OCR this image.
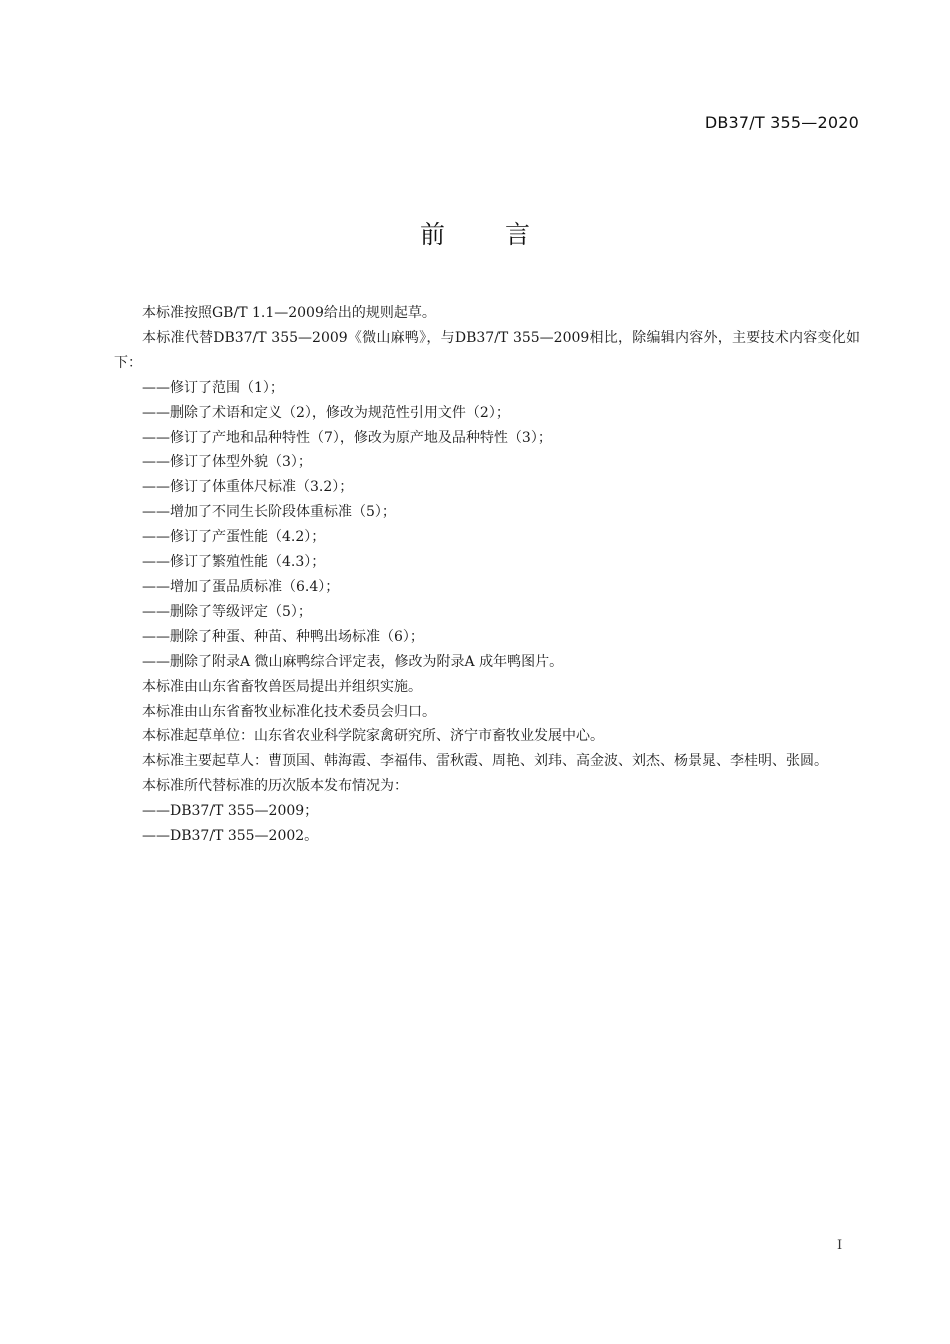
DB37/T 355—2020
前 言

本标准按照GB/T 1.1—2009给出的规则起草。

本标准代替DB37/T 355—2009《微山麻鸭》，与DB37/T 355—2009相比，除编辑内容外，主要技术内容变化如下：

——修订了范围（1）；

——删除了术语和定义（2），修改为规范性引用文件（2）；

——修订了产地和品种特性（7），修改为原产地及品种特性（3）；

——修订了体型外貌（3）；

——修订了体重体尺标准（3.2）；

——增加了不同生长阶段体重标准（5）；

——修订了产蛋性能（4.2）；

——修订了繁殖性能（4.3）；

——增加了蛋品质标准（6.4）；

——删除了等级评定（5）；

——删除了种蛋、种苗、种鸭出场标准（6）；

——删除了附录A 微山麻鸭综合评定表，修改为附录A 成年鸭图片。

本标准由山东省畜牧兽医局提出并组织实施。

本标准由山东省畜牧业标准化技术委员会归口。

本标准起草单位：山东省农业科学院家禽研究所、济宁市畜牧业发展中心。

本标准主要起草人：曹顶国、韩海霞、李福伟、雷秋霞、周艳、刘玮、高金波、刘杰、杨景晁、李桂明、张圆。

本标准所代替标准的历次版本发布情况为：

——DB37/T 355—2009；

——DB37/T 355—2002。

I
